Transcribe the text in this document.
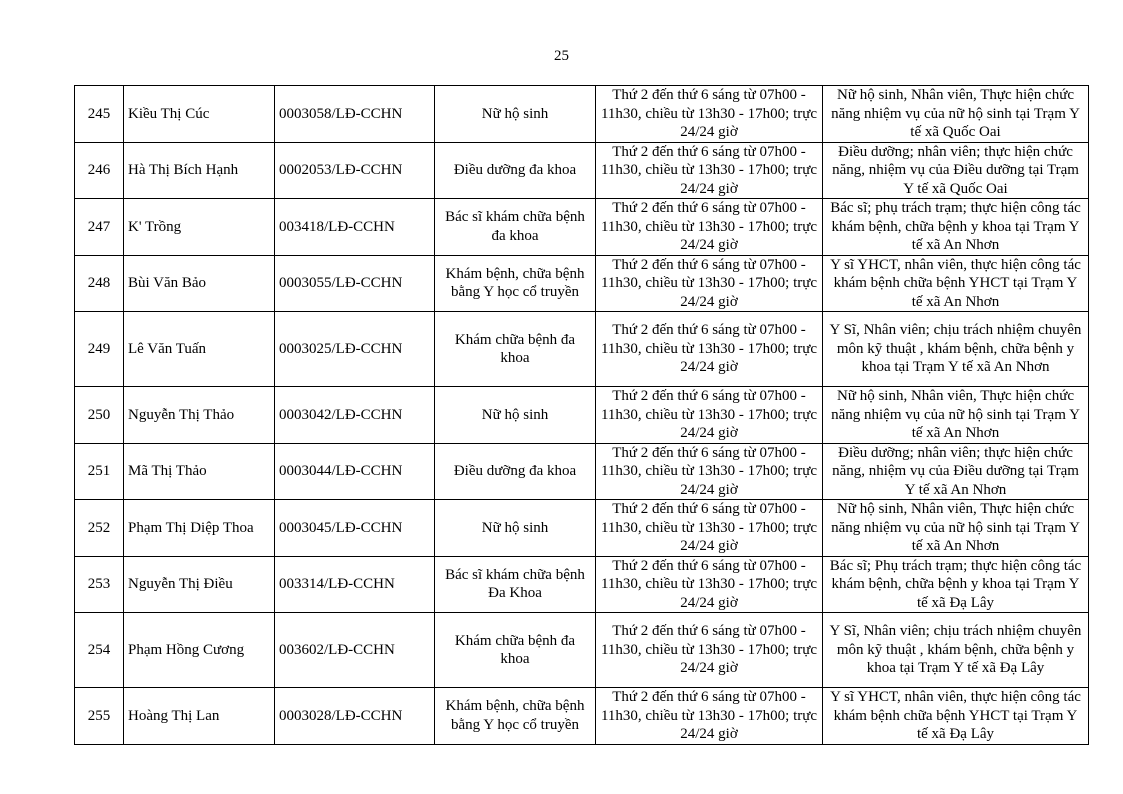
25
245	Kiều Thị Cúc	0003058/LĐ-CCHN	Nữ hộ sinh	Thứ 2 đến thứ 6 sáng từ 07h00 - 11h30, chiều từ 13h30 - 17h00; trực 24/24 giờ	Nữ hộ sinh, Nhân viên, Thực hiện chức năng nhiệm vụ của nữ hộ sinh tại Trạm Y tế xã Quốc Oai
246	Hà Thị Bích Hạnh	0002053/LĐ-CCHN	Điều dưỡng đa khoa	Thứ 2 đến thứ 6 sáng từ 07h00 - 11h30, chiều từ 13h30 - 17h00; trực 24/24 giờ	Điều dưỡng; nhân viên; thực hiện chức năng, nhiệm vụ của Điều dưỡng tại Trạm Y tế xã Quốc Oai
247	K' Trồng	003418/LĐ-CCHN	Bác sĩ khám chữa bệnh đa khoa	Thứ 2 đến thứ 6 sáng từ 07h00 - 11h30, chiều từ 13h30 - 17h00; trực 24/24 giờ	Bác sĩ; phụ trách trạm; thực hiện công tác khám bệnh, chữa bệnh y khoa tại Trạm Y tế xã An Nhơn
248	Bùi Văn Bảo	0003055/LĐ-CCHN	Khám bệnh, chữa bệnh bằng Y học cổ truyền	Thứ 2 đến thứ 6 sáng từ 07h00 - 11h30, chiều từ 13h30 - 17h00; trực 24/24 giờ	Y sĩ YHCT, nhân viên, thực hiện công tác khám bệnh chữa bệnh YHCT tại Trạm Y tế xã An Nhơn
249	Lê Văn Tuấn	0003025/LĐ-CCHN	Khám chữa bệnh đa khoa	Thứ 2 đến thứ 6 sáng từ 07h00 - 11h30, chiều từ 13h30 - 17h00; trực 24/24 giờ	Y Sĩ, Nhân viên; chịu trách nhiệm chuyên môn kỹ thuật , khám bệnh, chữa bệnh y khoa tại Trạm Y tế xã An Nhơn
250	Nguyễn Thị Thảo	0003042/LĐ-CCHN	Nữ hộ sinh	Thứ 2 đến thứ 6 sáng từ 07h00 - 11h30, chiều từ 13h30 - 17h00; trực 24/24 giờ	Nữ hộ sinh, Nhân viên, Thực hiện chức năng nhiệm vụ của nữ hộ sinh tại Trạm Y tế xã An Nhơn
251	Mã Thị Thảo	0003044/LĐ-CCHN	Điều dưỡng đa khoa	Thứ 2 đến thứ 6 sáng từ 07h00 - 11h30, chiều từ 13h30 - 17h00; trực 24/24 giờ	Điều dưỡng; nhân viên; thực hiện chức năng, nhiệm vụ của Điều dưỡng tại Trạm Y tế xã An Nhơn
252	Phạm Thị Diệp Thoa	0003045/LĐ-CCHN	Nữ hộ sinh	Thứ 2 đến thứ 6 sáng từ 07h00 - 11h30, chiều từ 13h30 - 17h00; trực 24/24 giờ	Nữ hộ sinh, Nhân viên, Thực hiện chức năng nhiệm vụ của nữ hộ sinh tại Trạm Y tế xã An Nhơn
253	Nguyễn Thị Điều	003314/LĐ-CCHN	Bác sĩ khám chữa bệnh Đa Khoa	Thứ 2 đến thứ 6 sáng từ 07h00 - 11h30, chiều từ 13h30 - 17h00; trực 24/24 giờ	Bác sĩ; Phụ trách trạm; thực hiện công tác khám bệnh, chữa bệnh y khoa tại Trạm Y tế xã Đạ Lây
254	Phạm Hồng Cương	003602/LĐ-CCHN	Khám chữa bệnh đa khoa	Thứ 2 đến thứ 6 sáng từ 07h00 - 11h30, chiều từ 13h30 - 17h00; trực 24/24 giờ	Y Sĩ, Nhân viên; chịu trách nhiệm chuyên môn kỹ thuật , khám bệnh, chữa bệnh y khoa tại Trạm Y tế xã Đạ Lây
255	Hoàng Thị Lan	0003028/LĐ-CCHN	Khám bệnh, chữa bệnh bằng Y học cổ truyền	Thứ 2 đến thứ 6 sáng từ 07h00 - 11h30, chiều từ 13h30 - 17h00; trực 24/24 giờ	Y sĩ YHCT, nhân viên, thực hiện công tác khám bệnh chữa bệnh YHCT tại Trạm Y tế xã Đạ Lây
